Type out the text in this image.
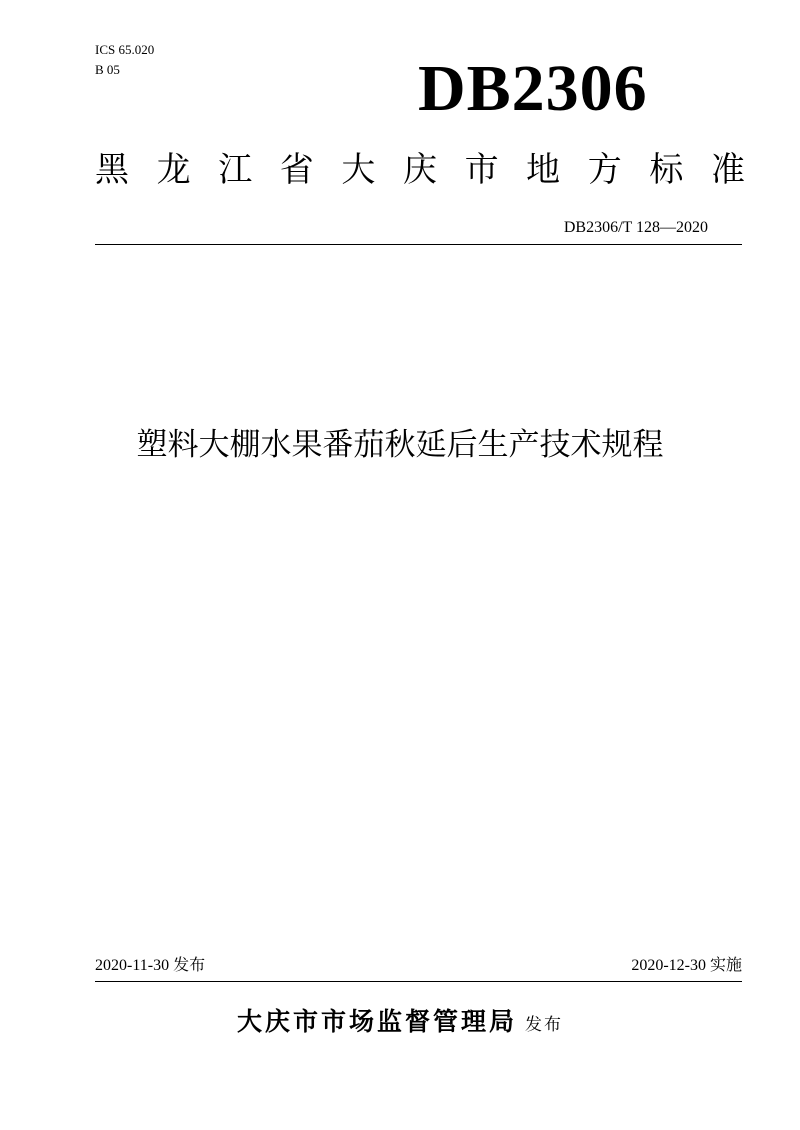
ICS 65.020
B 05	DB2306
黑 龙 江 省 大 庆 市 地 方 标 准
DB2306/T 128—2020
塑料大棚水果番茄秋延后生产技术规程
2020-11-30 发布	2020-12-30 实施
大庆市市场监督管理局 发布
